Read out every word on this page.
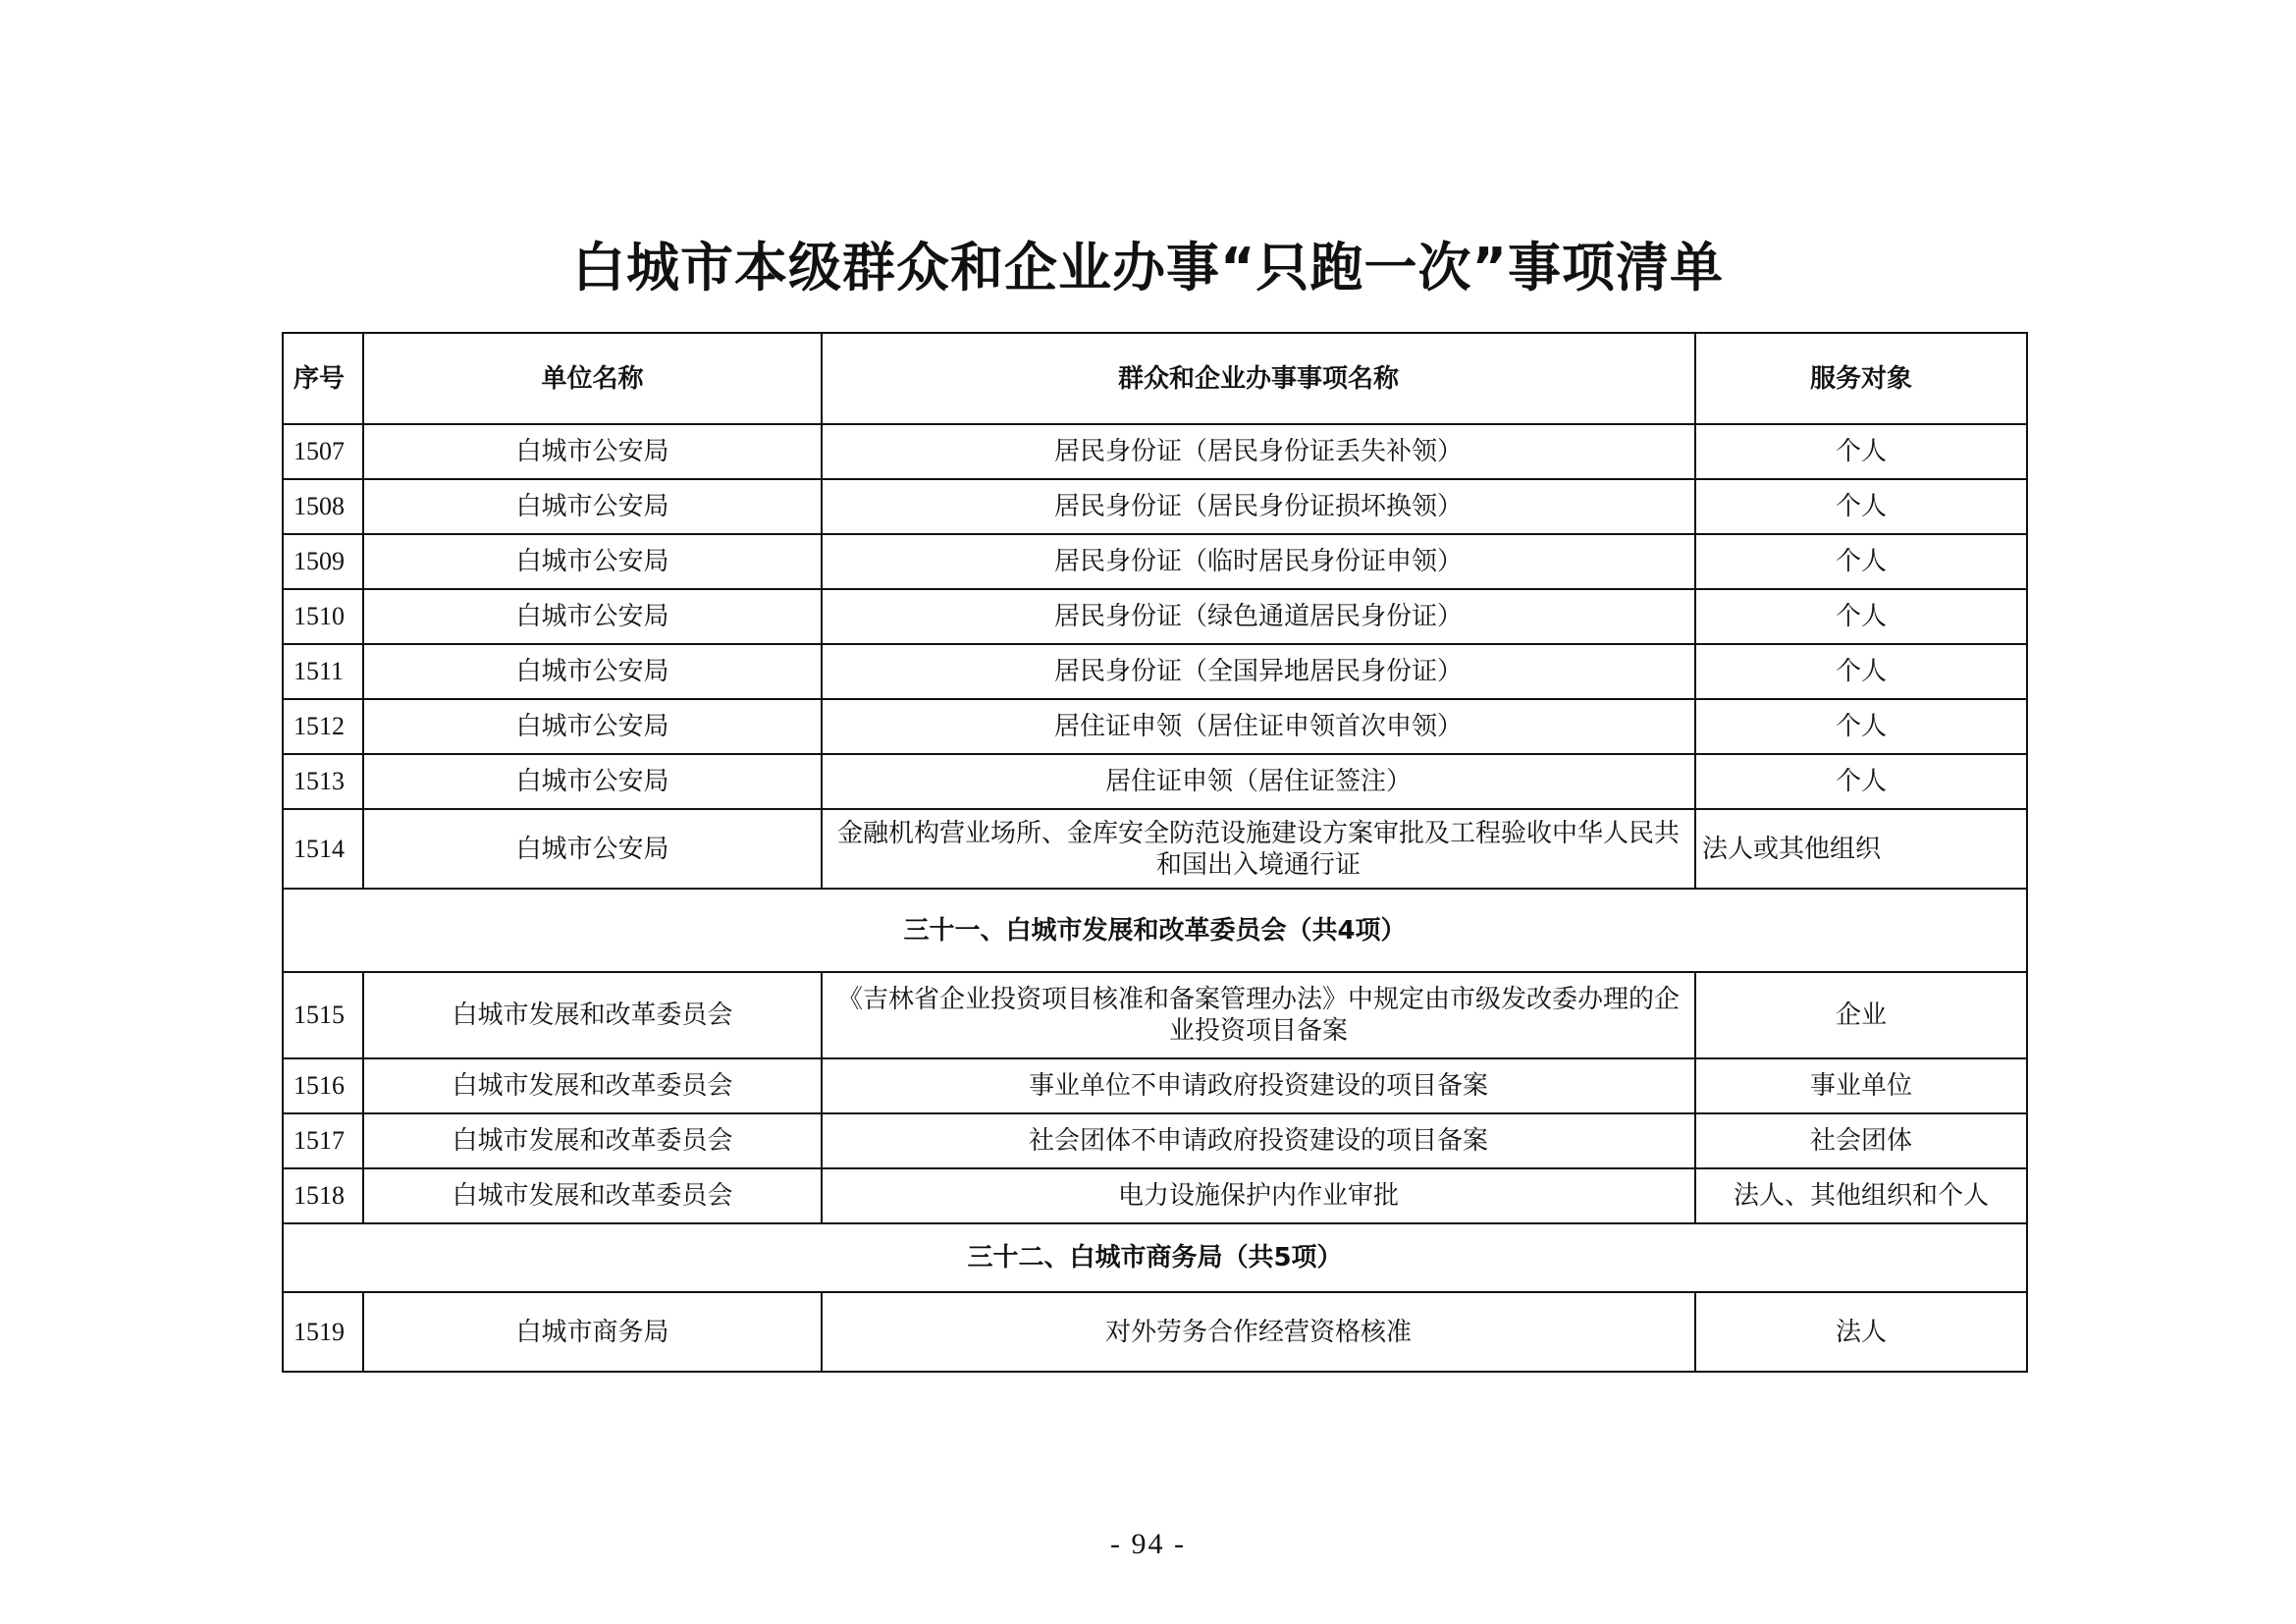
白城市本级群众和企业办事“只跑一次”事项清单
序号	单位名称	群众和企业办事事项名称	服务对象
1507	白城市公安局	居民身份证（居民身份证丢失补领）	个人
1508	白城市公安局	居民身份证（居民身份证损坏换领）	个人
1509	白城市公安局	居民身份证（临时居民身份证申领）	个人
1510	白城市公安局	居民身份证（绿色通道居民身份证）	个人
1511	白城市公安局	居民身份证（全国异地居民身份证）	个人
1512	白城市公安局	居住证申领（居住证申领首次申领）	个人
1513	白城市公安局	居住证申领（居住证签注）	个人
1514	白城市公安局	金融机构营业场所、金库安全防范设施建设方案审批及工程验收中华人民共和国出入境通行证	法人或其他组织
三十一、白城市发展和改革委员会（共4项）			
1515	白城市发展和改革委员会	《吉林省企业投资项目核准和备案管理办法》中规定由市级发改委办理的企业投资项目备案	企业
1516	白城市发展和改革委员会	事业单位不申请政府投资建设的项目备案	事业单位
1517	白城市发展和改革委员会	社会团体不申请政府投资建设的项目备案	社会团体
1518	白城市发展和改革委员会	电力设施保护内作业审批	法人、其他组织和个人
三十二、白城市商务局（共5项）			
1519	白城市商务局	对外劳务合作经营资格核准	法人
- 94 -
